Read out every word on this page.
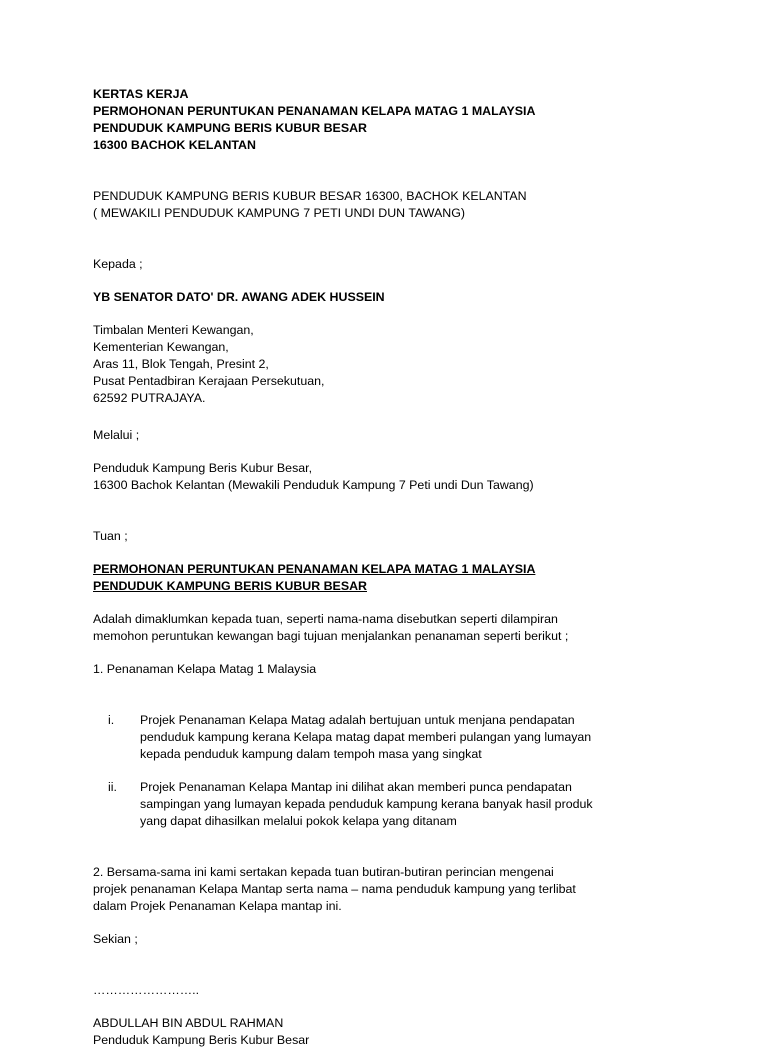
KERTAS KERJA
PERMOHONAN PERUNTUKAN PENANAMAN KELAPA MATAG 1 MALAYSIA
PENDUDUK KAMPUNG BERIS KUBUR BESAR
16300 BACHOK KELANTAN
PENDUDUK KAMPUNG BERIS KUBUR BESAR 16300, BACHOK KELANTAN
( MEWAKILI PENDUDUK KAMPUNG 7 PETI UNDI DUN TAWANG)
Kepada ;
YB SENATOR DATO' DR. AWANG ADEK HUSSEIN
Timbalan Menteri Kewangan,
Kementerian Kewangan,
Aras 11, Blok Tengah, Presint 2,
Pusat Pentadbiran Kerajaan Persekutuan,
62592 PUTRAJAYA.
Melalui ;
Penduduk Kampung Beris Kubur Besar,
16300 Bachok Kelantan (Mewakili Penduduk Kampung 7 Peti undi Dun Tawang)
Tuan ;
PERMOHONAN PERUNTUKAN PENANAMAN KELAPA MATAG 1 MALAYSIA
PENDUDUK KAMPUNG BERIS KUBUR BESAR
Adalah dimaklumkan kepada tuan, seperti nama-nama disebutkan seperti dilampiran
memohon peruntukan kewangan bagi tujuan menjalankan penanaman seperti berikut ;
1. Penanaman Kelapa Matag 1 Malaysia
i.	Projek Penanaman Kelapa Matag adalah bertujuan untuk menjana pendapatan
penduduk kampung kerana Kelapa matag dapat memberi pulangan yang lumayan
kepada penduduk kampung dalam tempoh masa yang singkat
ii.	Projek Penanaman Kelapa Mantap ini dilihat akan memberi punca pendapatan
sampingan yang lumayan kepada penduduk kampung kerana banyak hasil produk
yang dapat dihasilkan melalui pokok kelapa yang ditanam
2. Bersama-sama ini kami sertakan kepada tuan butiran-butiran perincian mengenai
projek penanaman Kelapa Mantap serta nama – nama penduduk kampung yang terlibat
dalam Projek Penanaman Kelapa mantap ini.
Sekian ;
……………………..
ABDULLAH BIN ABDUL RAHMAN
Penduduk Kampung Beris Kubur Besar
